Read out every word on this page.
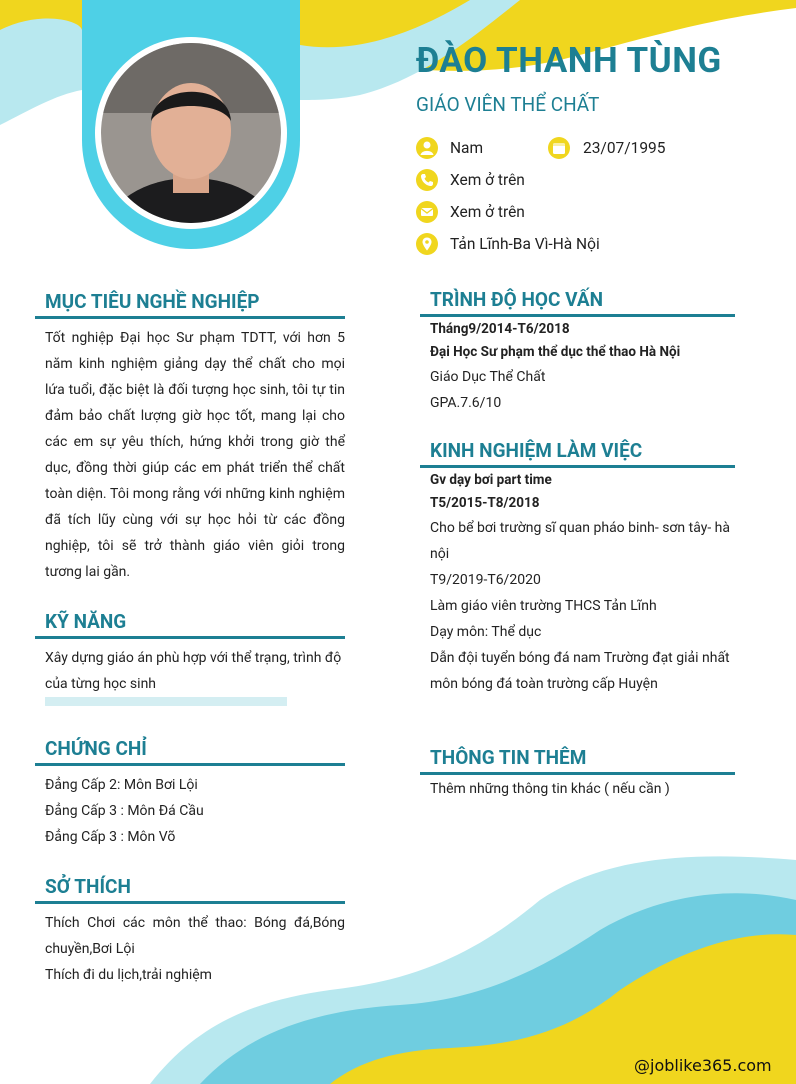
ĐÀO THANH TÙNG
GIÁO VIÊN THỂ CHẤT
Nam	23/07/1995
Xem ở trên
Xem ở trên
Tản Lĩnh-Ba Vì-Hà Nội
MỤC TIÊU NGHỀ NGHIỆP
Tốt nghiệp Đại học Sư phạm TDTT, với hơn 5 năm kinh nghiệm giảng dạy thể chất cho mọi lứa tuổi, đặc biệt là đối tượng học sinh, tôi tự tin đảm bảo chất lượng giờ học tốt, mang lại cho các em sự yêu thích, hứng khởi trong giờ thể dục, đồng thời giúp các em phát triển thể chất toàn diện. Tôi mong rằng với những kinh nghiệm đã tích lũy cùng với sự học hỏi từ các đồng nghiệp, tôi sẽ trở thành giáo viên giỏi trong tương lai gần.
KỸ NĂNG
Xây dựng giáo án phù hợp với thể trạng, trình độ của từng học sinh
CHỨNG CHỈ
Đẳng Cấp 2: Môn Bơi Lội
Đẳng Cấp 3 : Môn Đá Cầu
Đẳng Cấp 3 : Môn Võ
SỞ THÍCH
Thích Chơi các môn thể thao: Bóng đá,Bóng chuyền,Bơi Lội
Thích đi du lịch,trải nghiệm
TRÌNH ĐỘ HỌC VẤN
Tháng9/2014-T6/2018
Đại Học Sư phạm thể dục thể thao Hà Nội
Giáo Dục Thể Chất
GPA.7.6/10
KINH NGHIỆM LÀM VIỆC
Gv dạy bơi part time
T5/2015-T8/2018
Cho bể bơi trường sĩ quan pháo binh- sơn tây- hà nội
T9/2019-T6/2020
Làm giáo viên trường THCS Tản Lĩnh
Dạy môn: Thể dục
Dẫn đội tuyển bóng đá nam Trường đạt giải nhất môn bóng đá toàn trường cấp Huyện
THÔNG TIN THÊM
Thêm những thông tin khác ( nếu cần )
@joblike365.com
